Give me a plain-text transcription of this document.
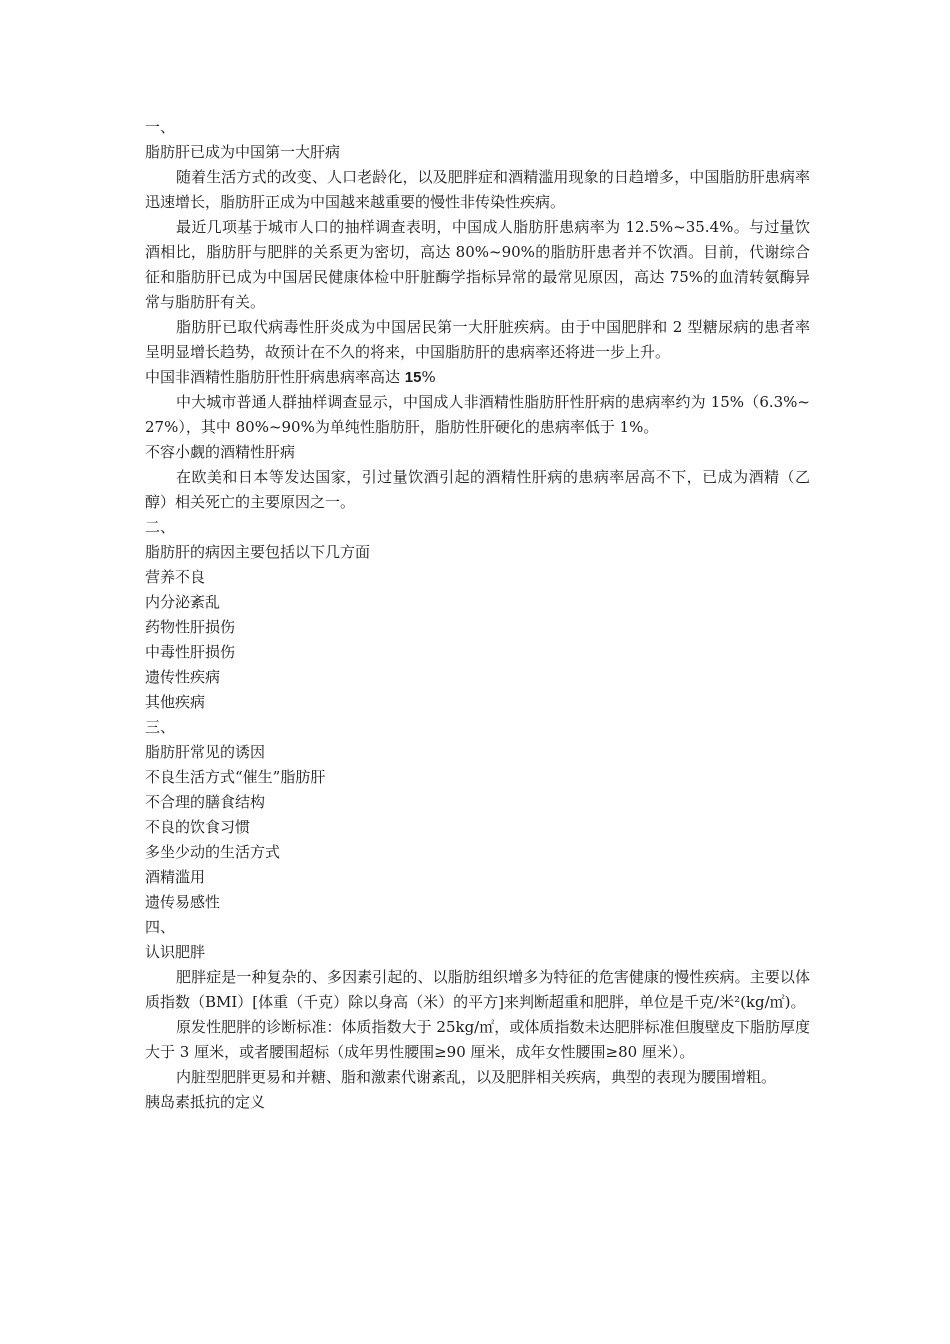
一、

脂肪肝已成为中国第一大肝病

随着生活方式的改变、人口老龄化，以及肥胖症和酒精滥用现象的日趋增多，中国脂肪肝患病率迅速增长，脂肪肝正成为中国越来越重要的慢性非传染性疾病。

最近几项基于城市人口的抽样调查表明，中国成人脂肪肝患病率为 12.5%~35.4%。与过量饮酒相比，脂肪肝与肥胖的关系更为密切，高达 80%~90%的脂肪肝患者并不饮酒。目前，代谢综合征和脂肪肝已成为中国居民健康体检中肝脏酶学指标异常的最常见原因，高达 75%的血清转氨酶异常与脂肪肝有关。

脂肪肝已取代病毒性肝炎成为中国居民第一大肝脏疾病。由于中国肥胖和 2 型糖尿病的患者率呈明显增长趋势，故预计在不久的将来，中国脂肪肝的患病率还将进一步上升。

中国非酒精性脂肪肝性肝病患病率高达 15%

中大城市普通人群抽样调查显示，中国成人非酒精性脂肪肝性肝病的患病率约为 15%（6.3%~27%），其中 80%~90%为单纯性脂肪肝，脂肪性肝硬化的患病率低于 1%。

不容小觑的酒精性肝病

在欧美和日本等发达国家，引过量饮酒引起的酒精性肝病的患病率居高不下，已成为酒精（乙醇）相关死亡的主要原因之一。

二、

脂肪肝的病因主要包括以下几方面

营养不良

内分泌紊乱

药物性肝损伤

中毒性肝损伤

遗传性疾病

其他疾病

三、

脂肪肝常见的诱因

不良生活方式“催生”脂肪肝

不合理的膳食结构

不良的饮食习惯

多坐少动的生活方式

酒精滥用

遗传易感性

四、

认识肥胖

肥胖症是一种复杂的、多因素引起的、以脂肪组织增多为特征的危害健康的慢性疾病。主要以体质指数（BMI）[体重（千克）除以身高（米）的平方]来判断超重和肥胖，单位是千克/米²(kg/㎡)。

原发性肥胖的诊断标准：体质指数大于 25kg/㎡，或体质指数未达肥胖标准但腹壁皮下脂肪厚度大于 3 厘米，或者腰围超标（成年男性腰围≥90 厘米，成年女性腰围≥80 厘米）。

内脏型肥胖更易和并糖、脂和激素代谢紊乱，以及肥胖相关疾病，典型的表现为腰围增粗。

胰岛素抵抗的定义
